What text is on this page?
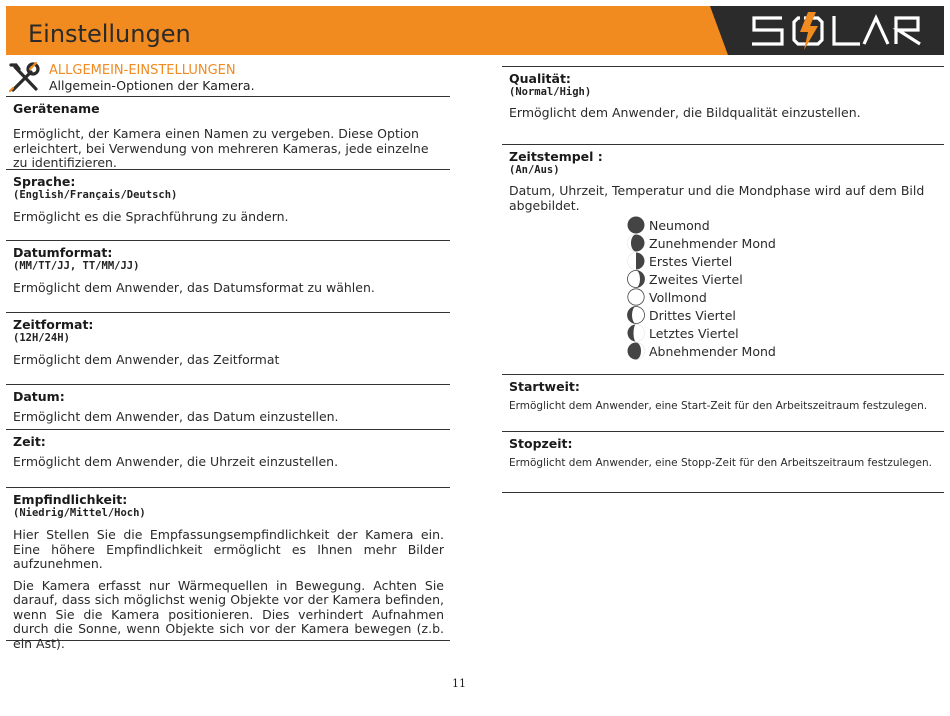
Einstellungen
ALLGEMEIN-EINSTELLUNGEN
Allgemein-Optionen der Kamera.
Gerätename
Ermöglicht, der Kamera einen Namen zu vergeben. Diese Option erleichtert, bei Verwendung von mehreren Kameras, jede einzelne zu identifizieren.
Sprache:
(English/Français/Deutsch)
Ermöglicht es die Sprachführung zu ändern.
Datumformat:
(MM/TT/JJ, TT/MM/JJ)
Ermöglicht dem Anwender, das Datumsformat zu wählen.
Zeitformat:
(12H/24H)
Ermöglicht dem Anwender, das Zeitformat
Datum:
Ermöglicht dem Anwender, das Datum einzustellen.
Zeit:
Ermöglicht dem Anwender, die Uhrzeit einzustellen.
Empfindlichkeit:
(Niedrig/Mittel/Hoch)
Hier Stellen Sie die Empfassungsempfindlichkeit der Kamera ein. Eine höhere Empfindlichkeit ermöglicht es Ihnen mehr Bilder aufzunehmen.
Die Kamera erfasst nur Wärmequellen in Bewegung. Achten Sie darauf, dass sich möglichst wenig Objekte vor der Kamera befinden, wenn Sie die Kamera positionieren. Dies verhindert Aufnahmen durch die Sonne, wenn Objekte sich vor der Kamera bewegen (z.b. ein Ast).
Qualität:
(Normal/High)
Ermöglicht dem Anwender, die Bildqualität einzustellen.
Zeitstempel :
(An/Aus)
Datum, Uhrzeit, Temperatur und die Mondphase wird auf dem Bild abgebildet.
Neumond
Zunehmender Mond
Erstes Viertel
Zweites Viertel
Vollmond
Drittes Viertel
Letztes Viertel
Abnehmender Mond
Startweit:
Ermöglicht dem Anwender, eine Start-Zeit für den Arbeitszeitraum festzulegen.
Stopzeit:
Ermöglicht dem Anwender, eine Stopp-Zeit für den Arbeitszeitraum festzulegen.
11
